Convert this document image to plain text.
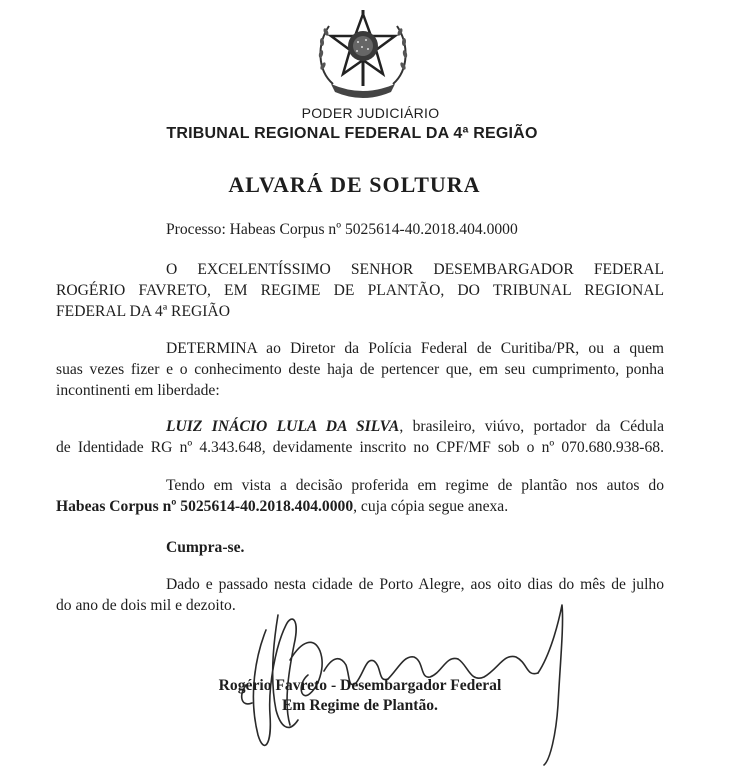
PODER JUDICIÁRIO
TRIBUNAL REGIONAL FEDERAL DA 4ª REGIÃO
ALVARÁ DE SOLTURA
Processo: Habeas Corpus nº 5025614-40.2018.404.0000
O EXCELENTÍSSIMO SENHOR DESEMBARGADOR FEDERAL
ROGÉRIO FAVRETO, EM REGIME DE PLANTÃO, DO TRIBUNAL REGIONAL
FEDERAL DA 4ª REGIÃO
DETERMINA ao Diretor da Polícia Federal de Curitiba/PR, ou a quem
suas vezes fizer e o conhecimento deste haja de pertencer que, em seu cumprimento, ponha
incontinenti em liberdade:
LUIZ INÁCIO LULA DA SILVA, brasileiro, viúvo, portador da Cédula
de Identidade RG nº 4.343.648, devidamente inscrito no CPF/MF sob o nº 070.680.938-68.
Tendo em vista a decisão proferida em regime de plantão nos autos do
Habeas Corpus nº 5025614-40.2018.404.0000, cuja cópia segue anexa.
Cumpra-se.
Dado e passado nesta cidade de Porto Alegre, aos oito dias do mês de julho
do ano de dois mil e dezoito.
Rogério Favreto - Desembargador Federal
Em Regime de Plantão.
